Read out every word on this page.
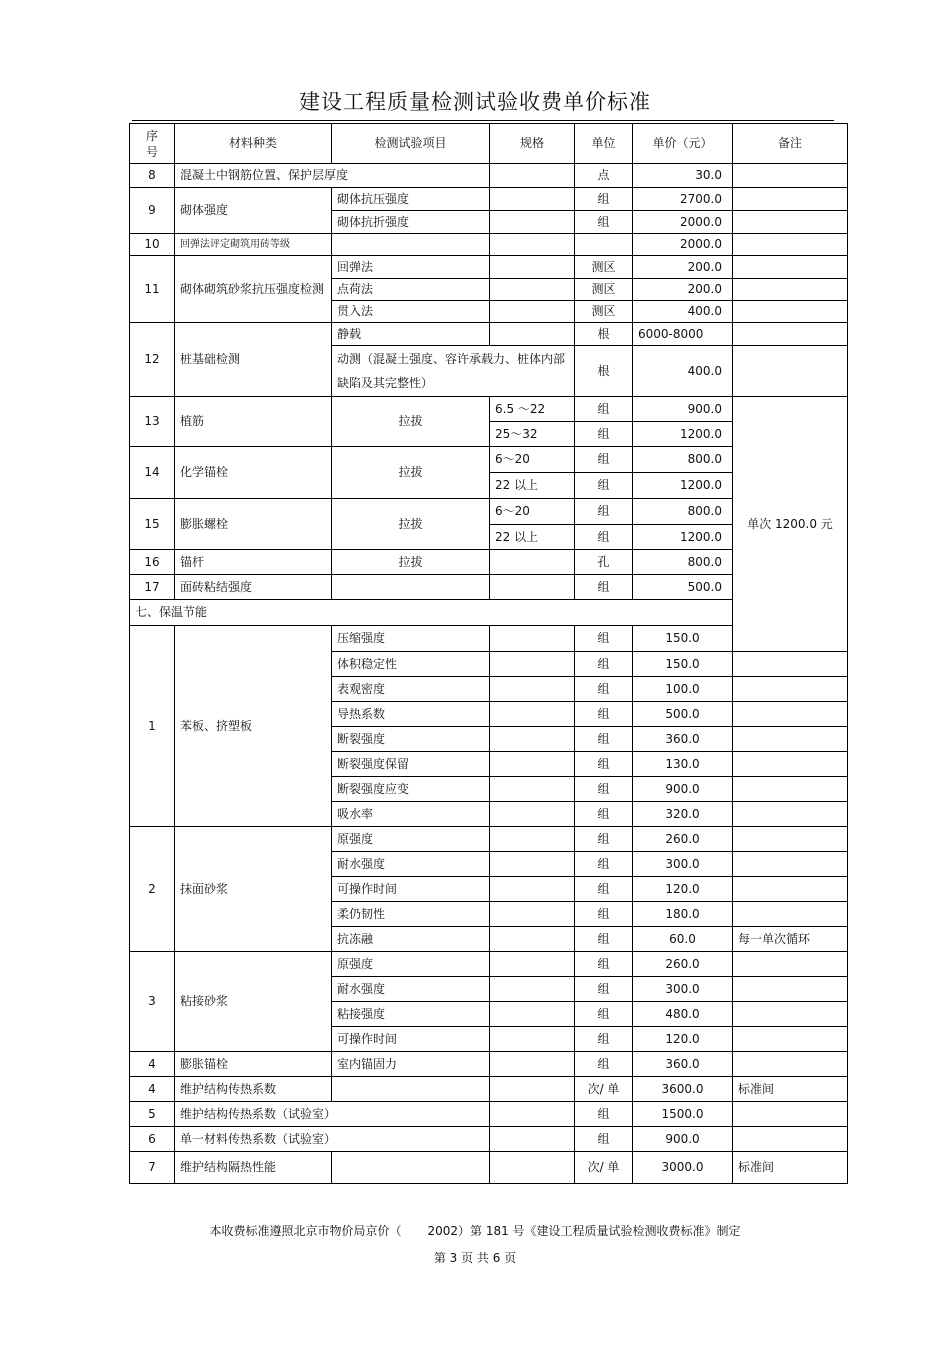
建设工程质量检测试验收费单价标准
序
号	材料种类	检测试验项目	规格	单位	单价（元）	备注	
8	混凝土中钢筋位置、保护层厚度			点	30.0		
9	砌体强度	砌体抗压强度		组	2700.0		
		砌体抗折强度		组	2000.0		
10	回弹法评定砌筑用砖等级				2000.0		
11	砌体砌筑砂浆抗压强度检测	回弹法		测区	200.0		
		点荷法		测区	200.0		
		贯入法		测区	400.0		
12	桩基础检测	静载		根	6000-8000		
		动测（混凝土强度、容许承载力、桩体内部缺陷及其完整性）		根	400.0		
13	植筋	拉拔	6.5 ～22	组	900.0	单次 1200.0 元	
			25～32	组	1200.0		
14	化学锚栓	拉拔	6～20	组	800.0		
			22 以上	组	1200.0		
15	膨胀螺栓	拉拔	6～20	组	800.0		
			22 以上	组	1200.0		
16	锚杆	拉拔		孔	800.0		
17	面砖粘结强度			组	500.0		
七、保温节能							
1	苯板、挤塑板	压缩强度		组	150.0		
		体积稳定性		组	150.0		
		表观密度		组	100.0		
		导热系数		组	500.0		
		断裂强度		组	360.0		
		断裂强度保留		组	130.0		
		断裂强度应变		组	900.0		
		吸水率		组	320.0		
2	抹面砂浆	原强度		组	260.0		
		耐水强度		组	300.0		
		可操作时间		组	120.0		
		柔仍韧性		组	180.0		
		抗冻融		组	60.0	每一单次循环	
3	粘接砂浆	原强度		组	260.0		
		耐水强度		组	300.0		
		粘接强度		组	480.0		
		可操作时间		组	120.0		
4	膨胀锚栓	室内锚固力		组	360.0		
4	维护结构传热系数			次/ 单	3600.0	标准间	
5	维护结构传热系数（试验室）			组	1500.0		
6	单一材料传热系数（试验室）			组	900.0		
7	维护结构隔热性能			次/ 单	3000.0	标准间	
本收费标准遵照北京市物价局京价（ 2002）第 181 号《建设工程质量试验检测收费标准》制定
第 3 页 共 6 页
